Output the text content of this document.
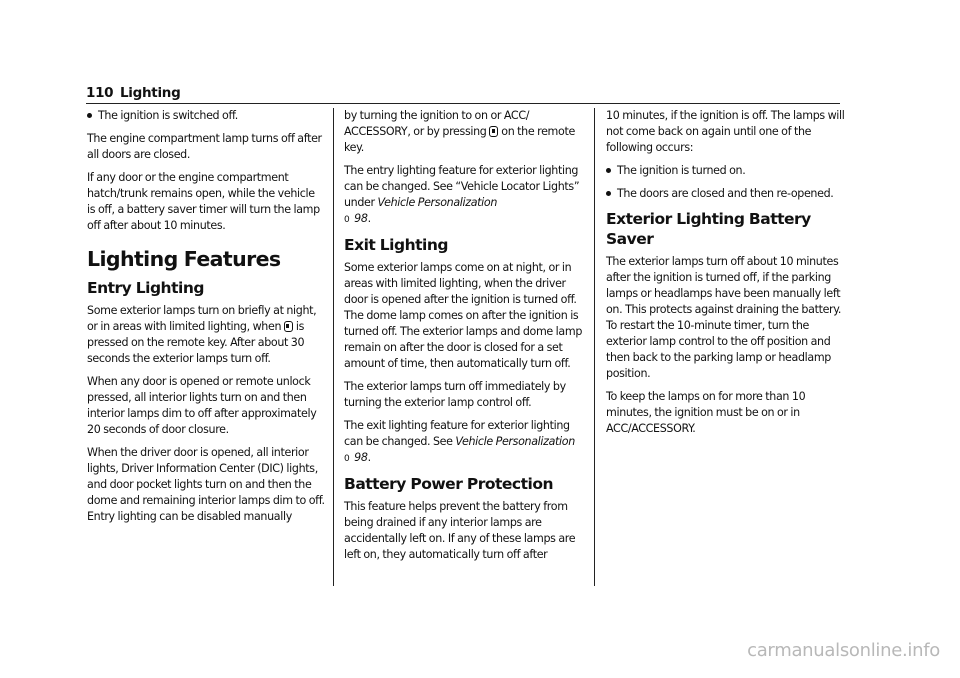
110 Lighting
The ignition is switched off.

The engine compartment lamp turns off after all doors are closed.

If any door or the engine compartment hatch/trunk remains open, while the vehicle is off, a battery saver timer will turn the lamp off after about 10 minutes.

Lighting Features
Entry Lighting

Some exterior lamps turn on briefly at night, or in areas with limited lighting, when is pressed on the remote key. After about 30 seconds the exterior lamps turn off.

When any door is opened or remote unlock pressed, all interior lights turn on and then interior lamps dim to off after approximately 20 seconds of door closure.

When the driver door is opened, all interior lights, Driver Information Center (DIC) lights, and door pocket lights turn on and then the dome and remaining interior lamps dim to off. Entry lighting can be disabled manually

by turning the ignition to on or ACC/ ACCESSORY, or by pressing on the remote key.

The entry lighting feature for exterior lighting can be changed. See “Vehicle Locator Lights” under Vehicle Personalization
0 98.

Exit Lighting

Some exterior lamps come on at night, or in areas with limited lighting, when the driver door is opened after the ignition is turned off. The dome lamp comes on after the ignition is turned off. The exterior lamps and dome lamp remain on after the door is closed for a set amount of time, then automatically turn off.

The exterior lamps turn off immediately by turning the exterior lamp control off.

The exit lighting feature for exterior lighting can be changed. See Vehicle Personalization
0 98.

Battery Power Protection

This feature helps prevent the battery from being drained if any interior lamps are accidentally left on. If any of these lamps are left on, they automatically turn off after

10 minutes, if the ignition is off. The lamps will not come back on again until one of the following occurs:

The ignition is turned on.
The doors are closed and then re-opened.
Exterior Lighting Battery Saver

The exterior lamps turn off about 10 minutes after the ignition is turned off, if the parking lamps or headlamps have been manually left on. This protects against draining the battery. To restart the 10-minute timer, turn the exterior lamp control to the off position and then back to the parking lamp or headlamp position.

To keep the lamps on for more than 10 minutes, the ignition must be on or in ACC/ACCESSORY.

carmanualsonline.info
